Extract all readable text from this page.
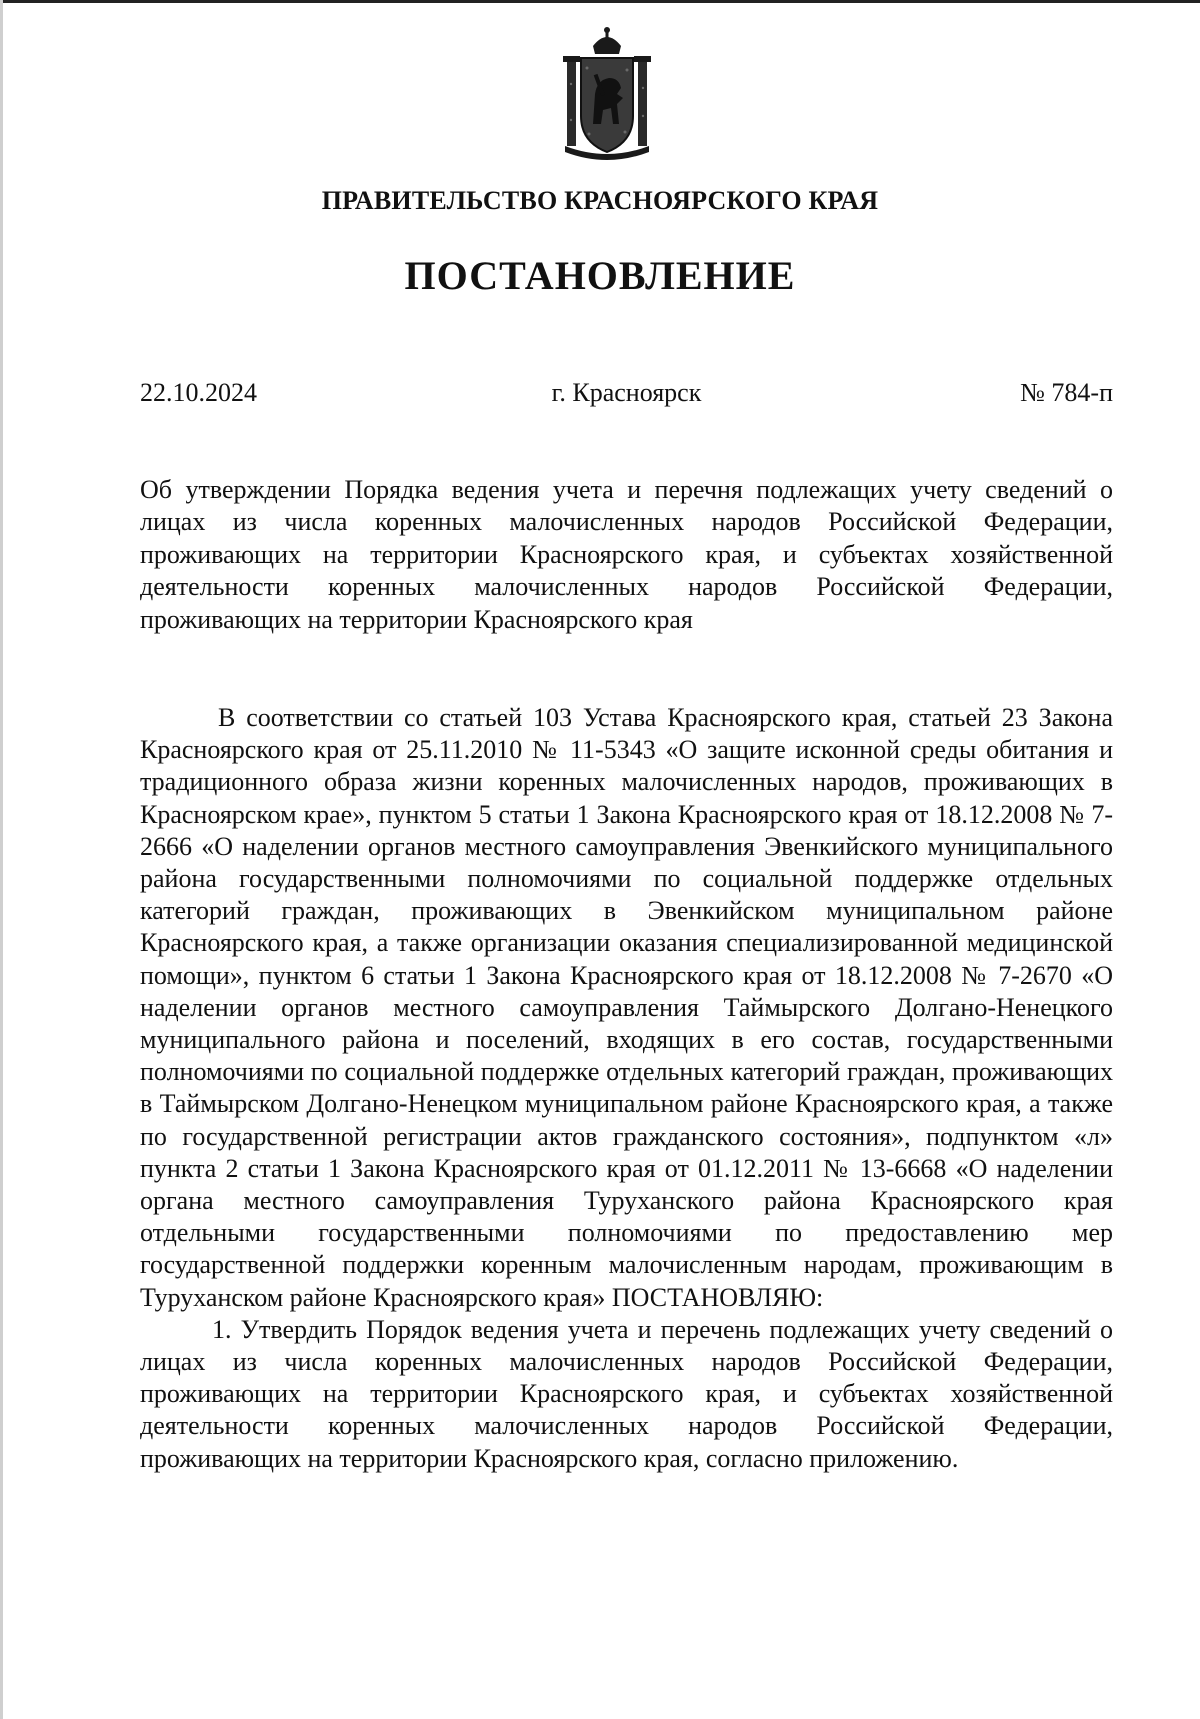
ПРАВИТЕЛЬСТВО КРАСНОЯРСКОГО КРАЯ
ПОСТАНОВЛЕНИЕ
22.10.2024	г. Красноярск	№ 784-п
Об утверждении Порядка ведения учета и перечня подлежащих учету сведений о лицах из числа коренных малочисленных народов Российской Федерации, проживающих на территории Красноярского края, и субъектах хозяйственной деятельности коренных малочисленных народов Российской Федерации, проживающих на территории Красноярского края

В соответствии со статьей 103 Устава Красноярского края, статьей 23 Закона Красноярского края от 25.11.2010 № 11-5343 «О защите исконной среды обитания и традиционного образа жизни коренных малочисленных народов, проживающих в Красноярском крае», пунктом 5 статьи 1 Закона Красноярского края от 18.12.2008 № 7-2666 «О наделении органов местного самоуправления Эвенкийского муниципального района государственными полномочиями по социальной поддержке отдельных категорий граждан, проживающих в Эвенкийском муниципальном районе Красноярского края, а также организации оказания специализированной медицинской помощи», пунктом 6 статьи 1 Закона Красноярского края от 18.12.2008 № 7-2670 «О наделении органов местного самоуправления Таймырского Долгано-Ненецкого муниципального района и поселений, входящих в его состав, государственными полномочиями по социальной поддержке отдельных категорий граждан, проживающих в Таймырском Долгано-Ненецком муниципальном районе Красноярского края, а также по государственной регистрации актов гражданского состояния», подпунктом «л» пункта 2 статьи 1 Закона Красноярского края от 01.12.2011 № 13-6668 «О наделении органа местного самоуправления Туруханского района Красноярского края отдельными государственными полномочиями по предоставлению мер государственной поддержки коренным малочисленным народам, проживающим в Туруханском районе Красноярского края» ПОСТАНОВЛЯЮ:

1. Утвердить Порядок ведения учета и перечень подлежащих учету сведений о лицах из числа коренных малочисленных народов Российской Федерации, проживающих на территории Красноярского края, и субъектах хозяйственной деятельности коренных малочисленных народов Российской Федерации, проживающих на территории Красноярского края, согласно приложению.
